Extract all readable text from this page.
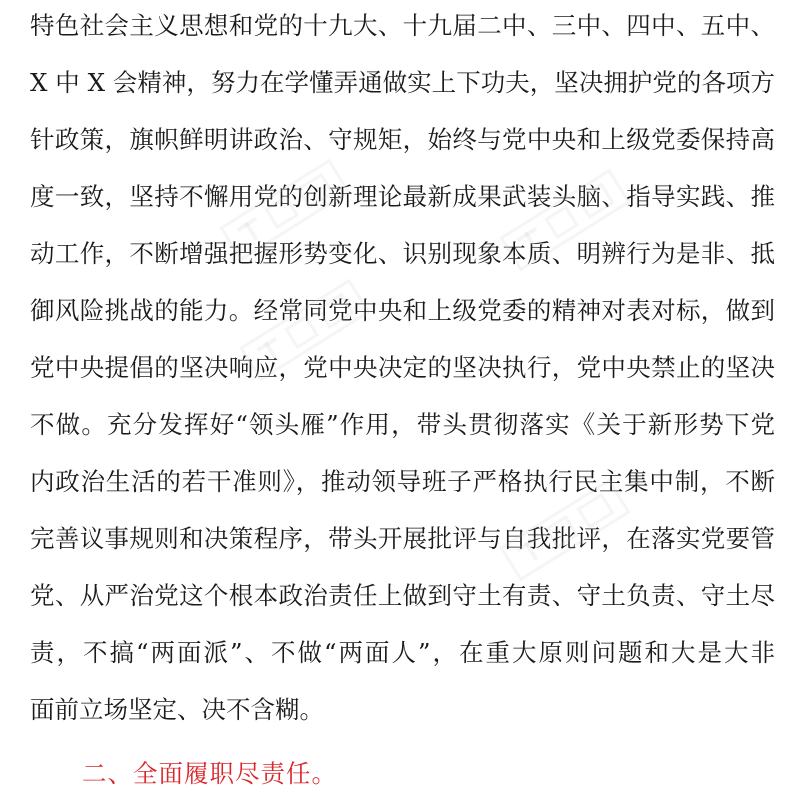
特色社会主义思想和党的十九大、十九届二中、三中、四中、五中、
X 中 X 会精神，努力在学懂弄通做实上下功夫，坚决拥护党的各项方
针政策，旗帜鲜明讲政治、守规矩，始终与党中央和上级党委保持高
度一致，坚持不懈用党的创新理论最新成果武装头脑、指导实践、推
动工作，不断增强把握形势变化、识别现象本质、明辨行为是非、抵
御风险挑战的能力。经常同党中央和上级党委的精神对表对标，做到
党中央提倡的坚决响应，党中央决定的坚决执行，党中央禁止的坚决
不做。充分发挥好“领头雁”作用，带头贯彻落实《关于新形势下党
内政治生活的若干准则》，推动领导班子严格执行民主集中制，不断
完善议事规则和决策程序，带头开展批评与自我批评，在落实党要管
党、从严治党这个根本政治责任上做到守土有责、守土负责、守土尽
责，不搞“两面派”、不做“两面人”，在重大原则问题和大是大非
面前立场坚定、决不含糊。
二、全面履职尽责任。
